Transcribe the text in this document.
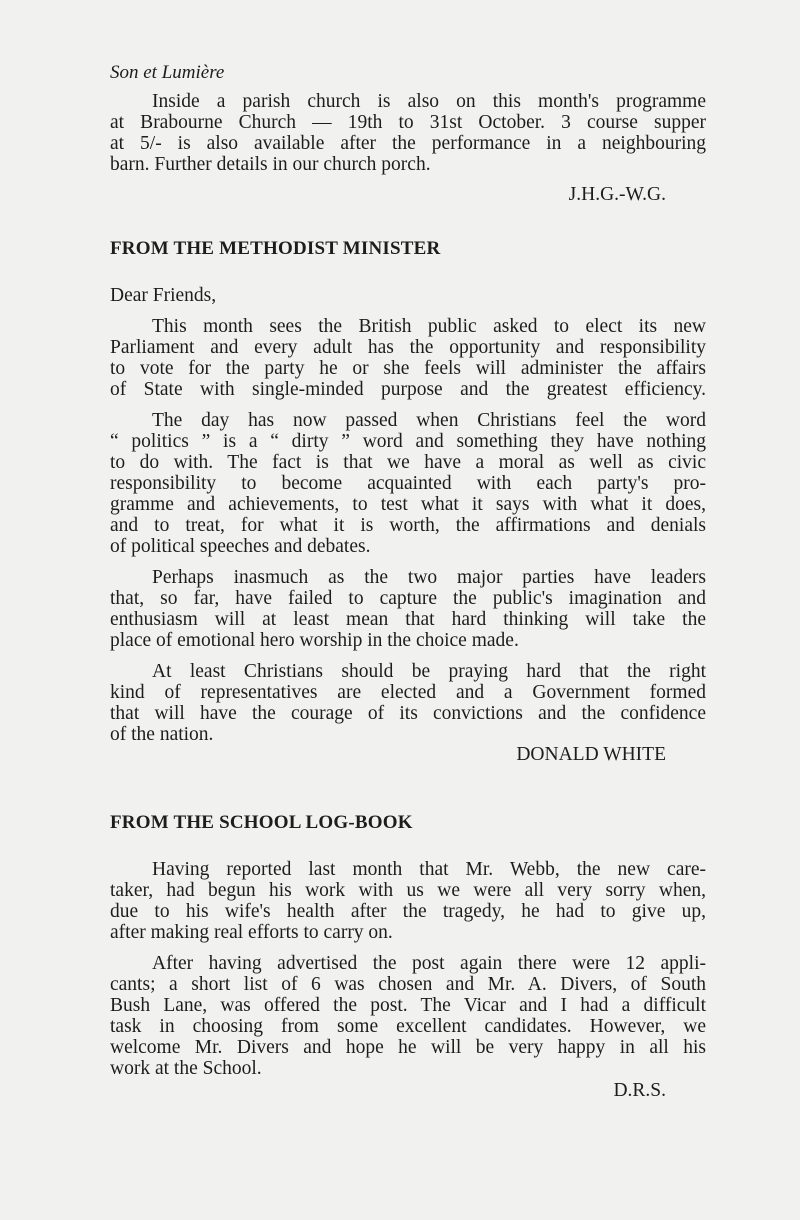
Son et Lumière
Inside a parish church is also on this month's programme
at Brabourne Church — 19th to 31st October. 3 course supper
at 5/- is also available after the performance in a neighbouring
barn. Further details in our church porch.
J.H.G.-W.G.
FROM THE METHODIST MINISTER
Dear Friends,
This month sees the British public asked to elect its new
Parliament and every adult has the opportunity and responsibility
to vote for the party he or she feels will administer the affairs
of State with single-minded purpose and the greatest efficiency.
The day has now passed when Christians feel the word
“ politics ” is a “ dirty ” word and something they have nothing
to do with. The fact is that we have a moral as well as civic
responsibility to become acquainted with each party's pro-
gramme and achievements, to test what it says with what it does,
and to treat, for what it is worth, the affirmations and denials
of political speeches and debates.
Perhaps inasmuch as the two major parties have leaders
that, so far, have failed to capture the public's imagination and
enthusiasm will at least mean that hard thinking will take the
place of emotional hero worship in the choice made.
At least Christians should be praying hard that the right
kind of representatives are elected and a Government formed
that will have the courage of its convictions and the confidence
of the nation.
DONALD WHITE
FROM THE SCHOOL LOG-BOOK
Having reported last month that Mr. Webb, the new care-
taker, had begun his work with us we were all very sorry when,
due to his wife's health after the tragedy, he had to give up,
after making real efforts to carry on.
After having advertised the post again there were 12 appli-
cants; a short list of 6 was chosen and Mr. A. Divers, of South
Bush Lane, was offered the post. The Vicar and I had a difficult
task in choosing from some excellent candidates. However, we
welcome Mr. Divers and hope he will be very happy in all his
work at the School.
D.R.S.
